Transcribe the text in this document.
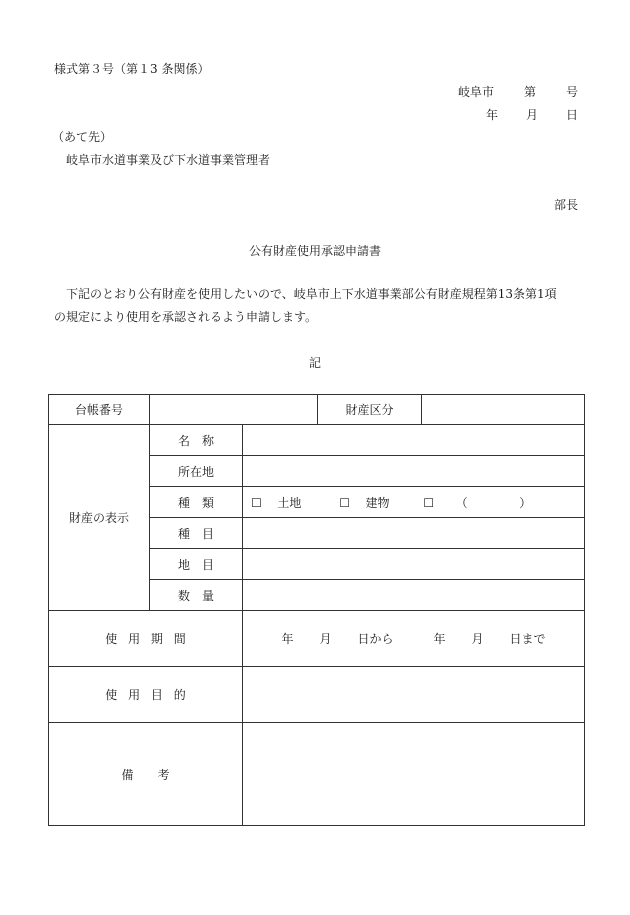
様式第３号（第１3 条関係）
岐阜市	第	号
年 月 日
（あて先）
岐阜市水道事業及び下水道事業管理者
部長
公有財産使用承認申請書
下記のとおり公有財産を使用したいので、岐阜市上下水道事業部公有財産規程第13条第1項
の規定により使用を承認されるよう申請します。
記
台帳番号			財産区分	
財産の表示	名　称			
	所在地			
	種　類	☐ 土地 ☐ 建物 ☐ （ ）		
	種　目			
	地　目			
	数　量			
使用期間		年 月 日から 年 月 日まで		
使用目的				
備　　考				
